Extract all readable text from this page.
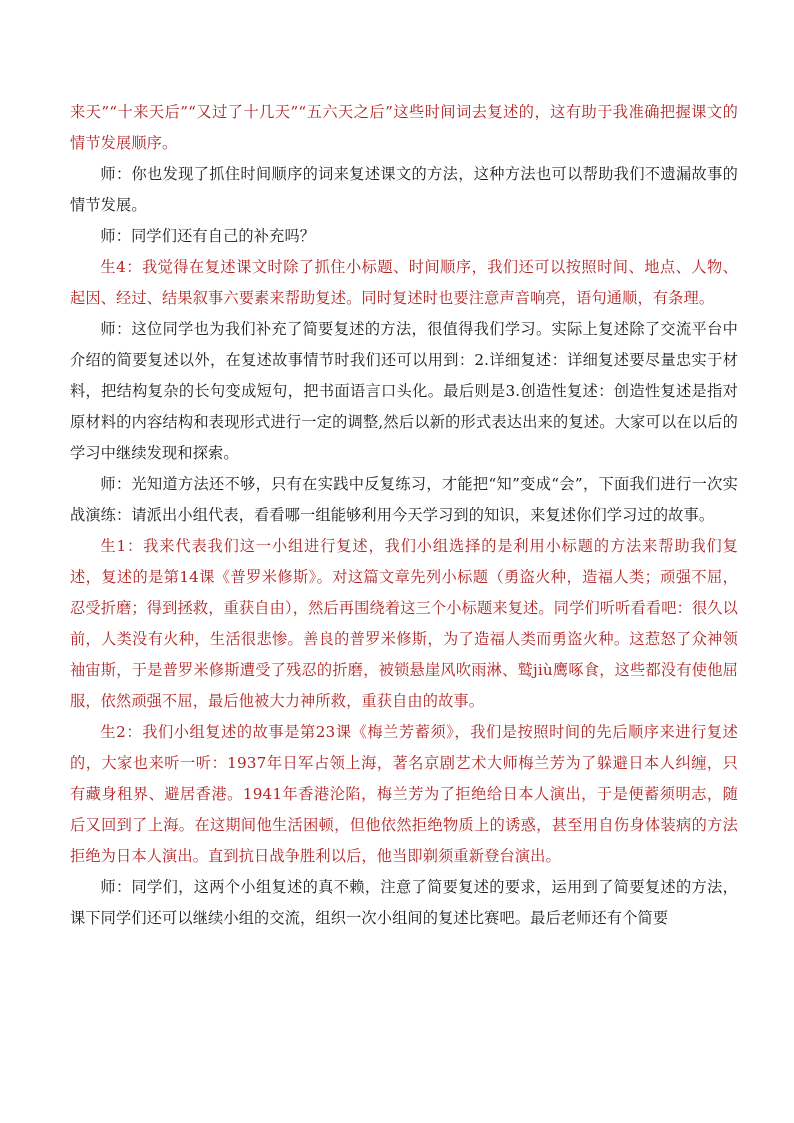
来天”“十来天后”“又过了十几天”“五六天之后”这些时间词去复述的，这有助于我准确把握课文的情节发展顺序。

师：你也发现了抓住时间顺序的词来复述课文的方法，这种方法也可以帮助我们不遗漏故事的情节发展。

师：同学们还有自己的补充吗？

生4：我觉得在复述课文时除了抓住小标题、时间顺序，我们还可以按照时间、地点、人物、起因、经过、结果叙事六要素来帮助复述。同时复述时也要注意声音响亮，语句通顺，有条理。

师：这位同学也为我们补充了简要复述的方法，很值得我们学习。实际上复述除了交流平台中介绍的简要复述以外，在复述故事情节时我们还可以用到：2.详细复述：详细复述要尽量忠实于材料，把结构复杂的长句变成短句，把书面语言口头化。最后则是3.创造性复述：创造性复述是指对原材料的内容结构和表现形式进行一定的调整,然后以新的形式表达出来的复述。大家可以在以后的学习中继续发现和探索。

师：光知道方法还不够，只有在实践中反复练习，才能把“知”变成“会”，下面我们进行一次实战演练：请派出小组代表，看看哪一组能够利用今天学习到的知识，来复述你们学习过的故事。

生1：我来代表我们这一小组进行复述，我们小组选择的是利用小标题的方法来帮助我们复述，复述的是第14课《普罗米修斯》。对这篇文章先列小标题（勇盗火种，造福人类；顽强不屈，忍受折磨；得到拯救，重获自由），然后再围绕着这三个小标题来复述。同学们听听看看吧：很久以前，人类没有火种，生活很悲惨。善良的普罗米修斯，为了造福人类而勇盗火种。这惹怒了众神领袖宙斯，于是普罗米修斯遭受了残忍的折磨，被锁悬崖风吹雨淋、鹫jiù鹰啄食，这些都没有使他屈服，依然顽强不屈，最后他被大力神所救，重获自由的故事。

生2：我们小组复述的故事是第23课《梅兰芳蓄须》，我们是按照时间的先后顺序来进行复述的，大家也来听一听：1937年日军占领上海，著名京剧艺术大师梅兰芳为了躲避日本人纠缠，只有藏身租界、避居香港。1941年香港沦陷，梅兰芳为了拒绝给日本人演出，于是便蓄须明志，随后又回到了上海。在这期间他生活困顿，但他依然拒绝物质上的诱惑，甚至用自伤身体装病的方法拒绝为日本人演出。直到抗日战争胜利以后，他当即剃须重新登台演出。

师：同学们，这两个小组复述的真不赖，注意了简要复述的要求，运用到了简要复述的方法，课下同学们还可以继续小组的交流，组织一次小组间的复述比赛吧。最后老师还有个简要
